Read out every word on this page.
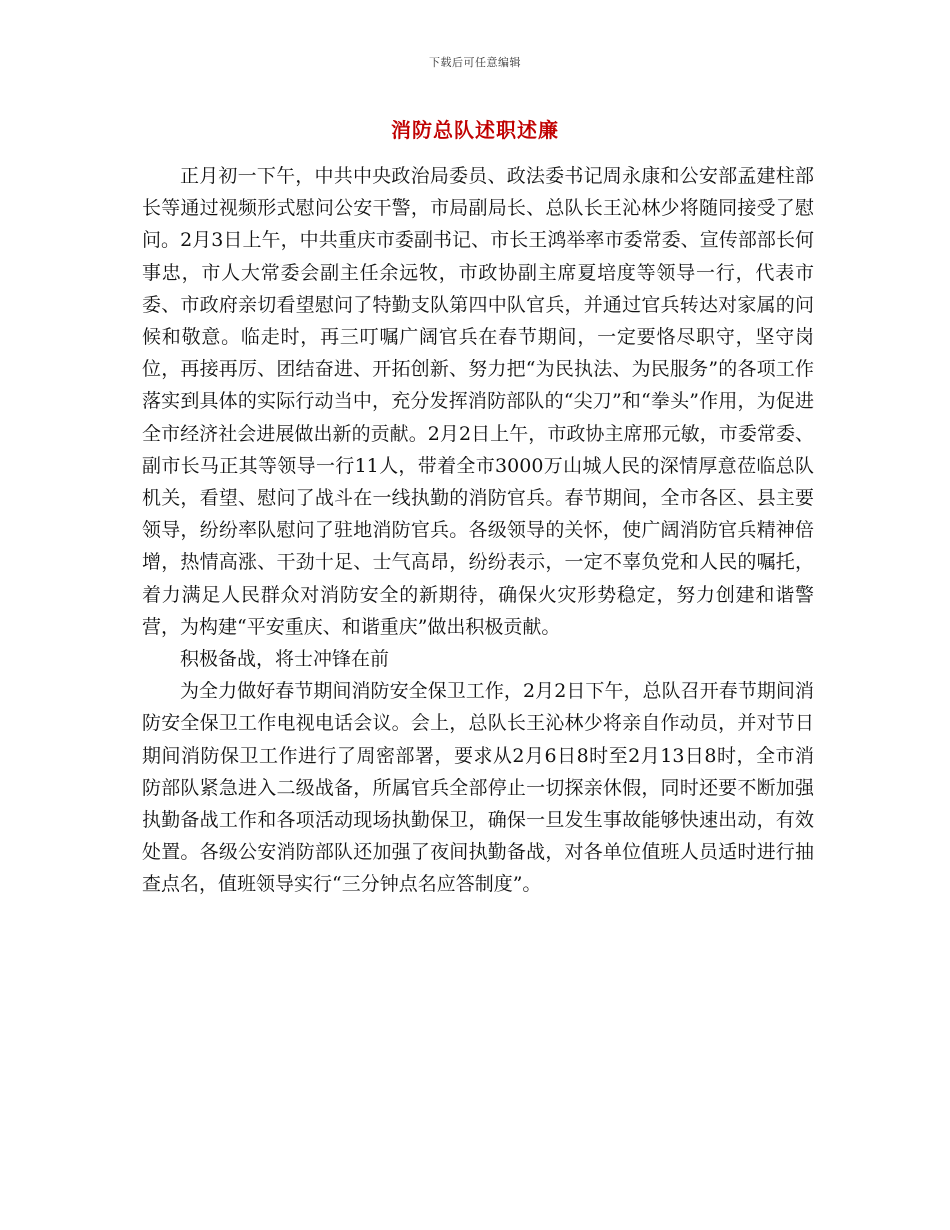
下载后可任意编辑
消防总队述职述廉

正月初一下午，中共中央政治局委员、政法委书记周永康和公安部孟建柱部长等通过视频形式慰问公安干警，市局副局长、总队长王沁林少将随同接受了慰问。2月3日上午，中共重庆市委副书记、市长王鸿举率市委常委、宣传部部长何事忠，市人大常委会副主任余远牧，市政协副主席夏培度等领导一行，代表市委、市政府亲切看望慰问了特勤支队第四中队官兵，并通过官兵转达对家属的问候和敬意。临走时，再三叮嘱广阔官兵在春节期间，一定要恪尽职守，坚守岗位，再接再厉、团结奋进、开拓创新、努力把“为民执法、为民服务”的各项工作落实到具体的实际行动当中，充分发挥消防部队的“尖刀”和“拳头”作用，为促进全市经济社会进展做出新的贡献。2月2日上午，市政协主席邢元敏，市委常委、副市长马正其等领导一行11人，带着全市3000万山城人民的深情厚意莅临总队机关，看望、慰问了战斗在一线执勤的消防官兵。春节期间，全市各区、县主要领导，纷纷率队慰问了驻地消防官兵。各级领导的关怀，使广阔消防官兵精神倍增，热情高涨、干劲十足、士气高昂，纷纷表示，一定不辜负党和人民的嘱托，着力满足人民群众对消防安全的新期待，确保火灾形势稳定，努力创建和谐警营，为构建“平安重庆、和谐重庆”做出积极贡献。

积极备战，将士冲锋在前

为全力做好春节期间消防安全保卫工作，2月2日下午，总队召开春节期间消防安全保卫工作电视电话会议。会上，总队长王沁林少将亲自作动员，并对节日期间消防保卫工作进行了周密部署，要求从2月6日8时至2月13日8时，全市消防部队紧急进入二级战备，所属官兵全部停止一切探亲休假，同时还要不断加强执勤备战工作和各项活动现场执勤保卫，确保一旦发生事故能够快速出动，有效处置。各级公安消防部队还加强了夜间执勤备战，对各单位值班人员适时进行抽查点名，值班领导实行“三分钟点名应答制度”。
